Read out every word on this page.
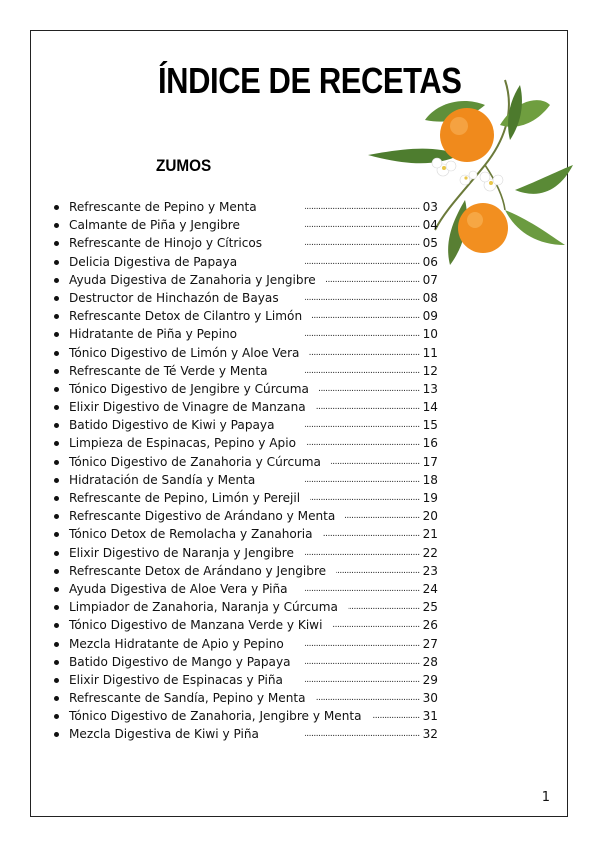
ÍNDICE DE RECETAS
ZUMOS
Refrescante de Pepino y Menta	..... 03
Calmante de Piña y Jengibre	..... 04
Refrescante de Hinojo y Cítricos	..... 05
Delicia Digestiva de Papaya	..... 06
Ayuda Digestiva de Zanahoria y Jengibre	..... 07
Destructor de Hinchazón de Bayas	..... 08
Refrescante Detox de Cilantro y Limón	..... 09
Hidratante de Piña y Pepino	..... 10
Tónico Digestivo de Limón y Aloe Vera	..... 11
Refrescante de Té Verde y Menta	..... 12
Tónico Digestivo de Jengibre y Cúrcuma	..... 13
Elixir Digestivo de Vinagre de Manzana	..... 14
Batido Digestivo de Kiwi y Papaya	..... 15
Limpieza de Espinacas, Pepino y Apio	..... 16
Tónico Digestivo de Zanahoria y Cúrcuma	..... 17
Hidratación de Sandía y Menta	..... 18
Refrescante de Pepino, Limón y Perejil	..... 19
Refrescante Digestivo de Arándano y Menta	..... 20
Tónico Detox de Remolacha y Zanahoria	..... 21
Elixir Digestivo de Naranja y Jengibre	..... 22
Refrescante Detox de Arándano y Jengibre	..... 23
Ayuda Digestiva de Aloe Vera y Piña	..... 24
Limpiador de Zanahoria, Naranja y Cúrcuma	..... 25
Tónico Digestivo de Manzana Verde y Kiwi	..... 26
Mezcla Hidratante de Apio y Pepino	..... 27
Batido Digestivo de Mango y Papaya	..... 28
Elixir Digestivo de Espinacas y Piña	..... 29
Refrescante de Sandía, Pepino y Menta	..... 30
Tónico Digestivo de Zanahoria, Jengibre y Menta	..... 31
Mezcla Digestiva de Kiwi y Piña	..... 32
1
